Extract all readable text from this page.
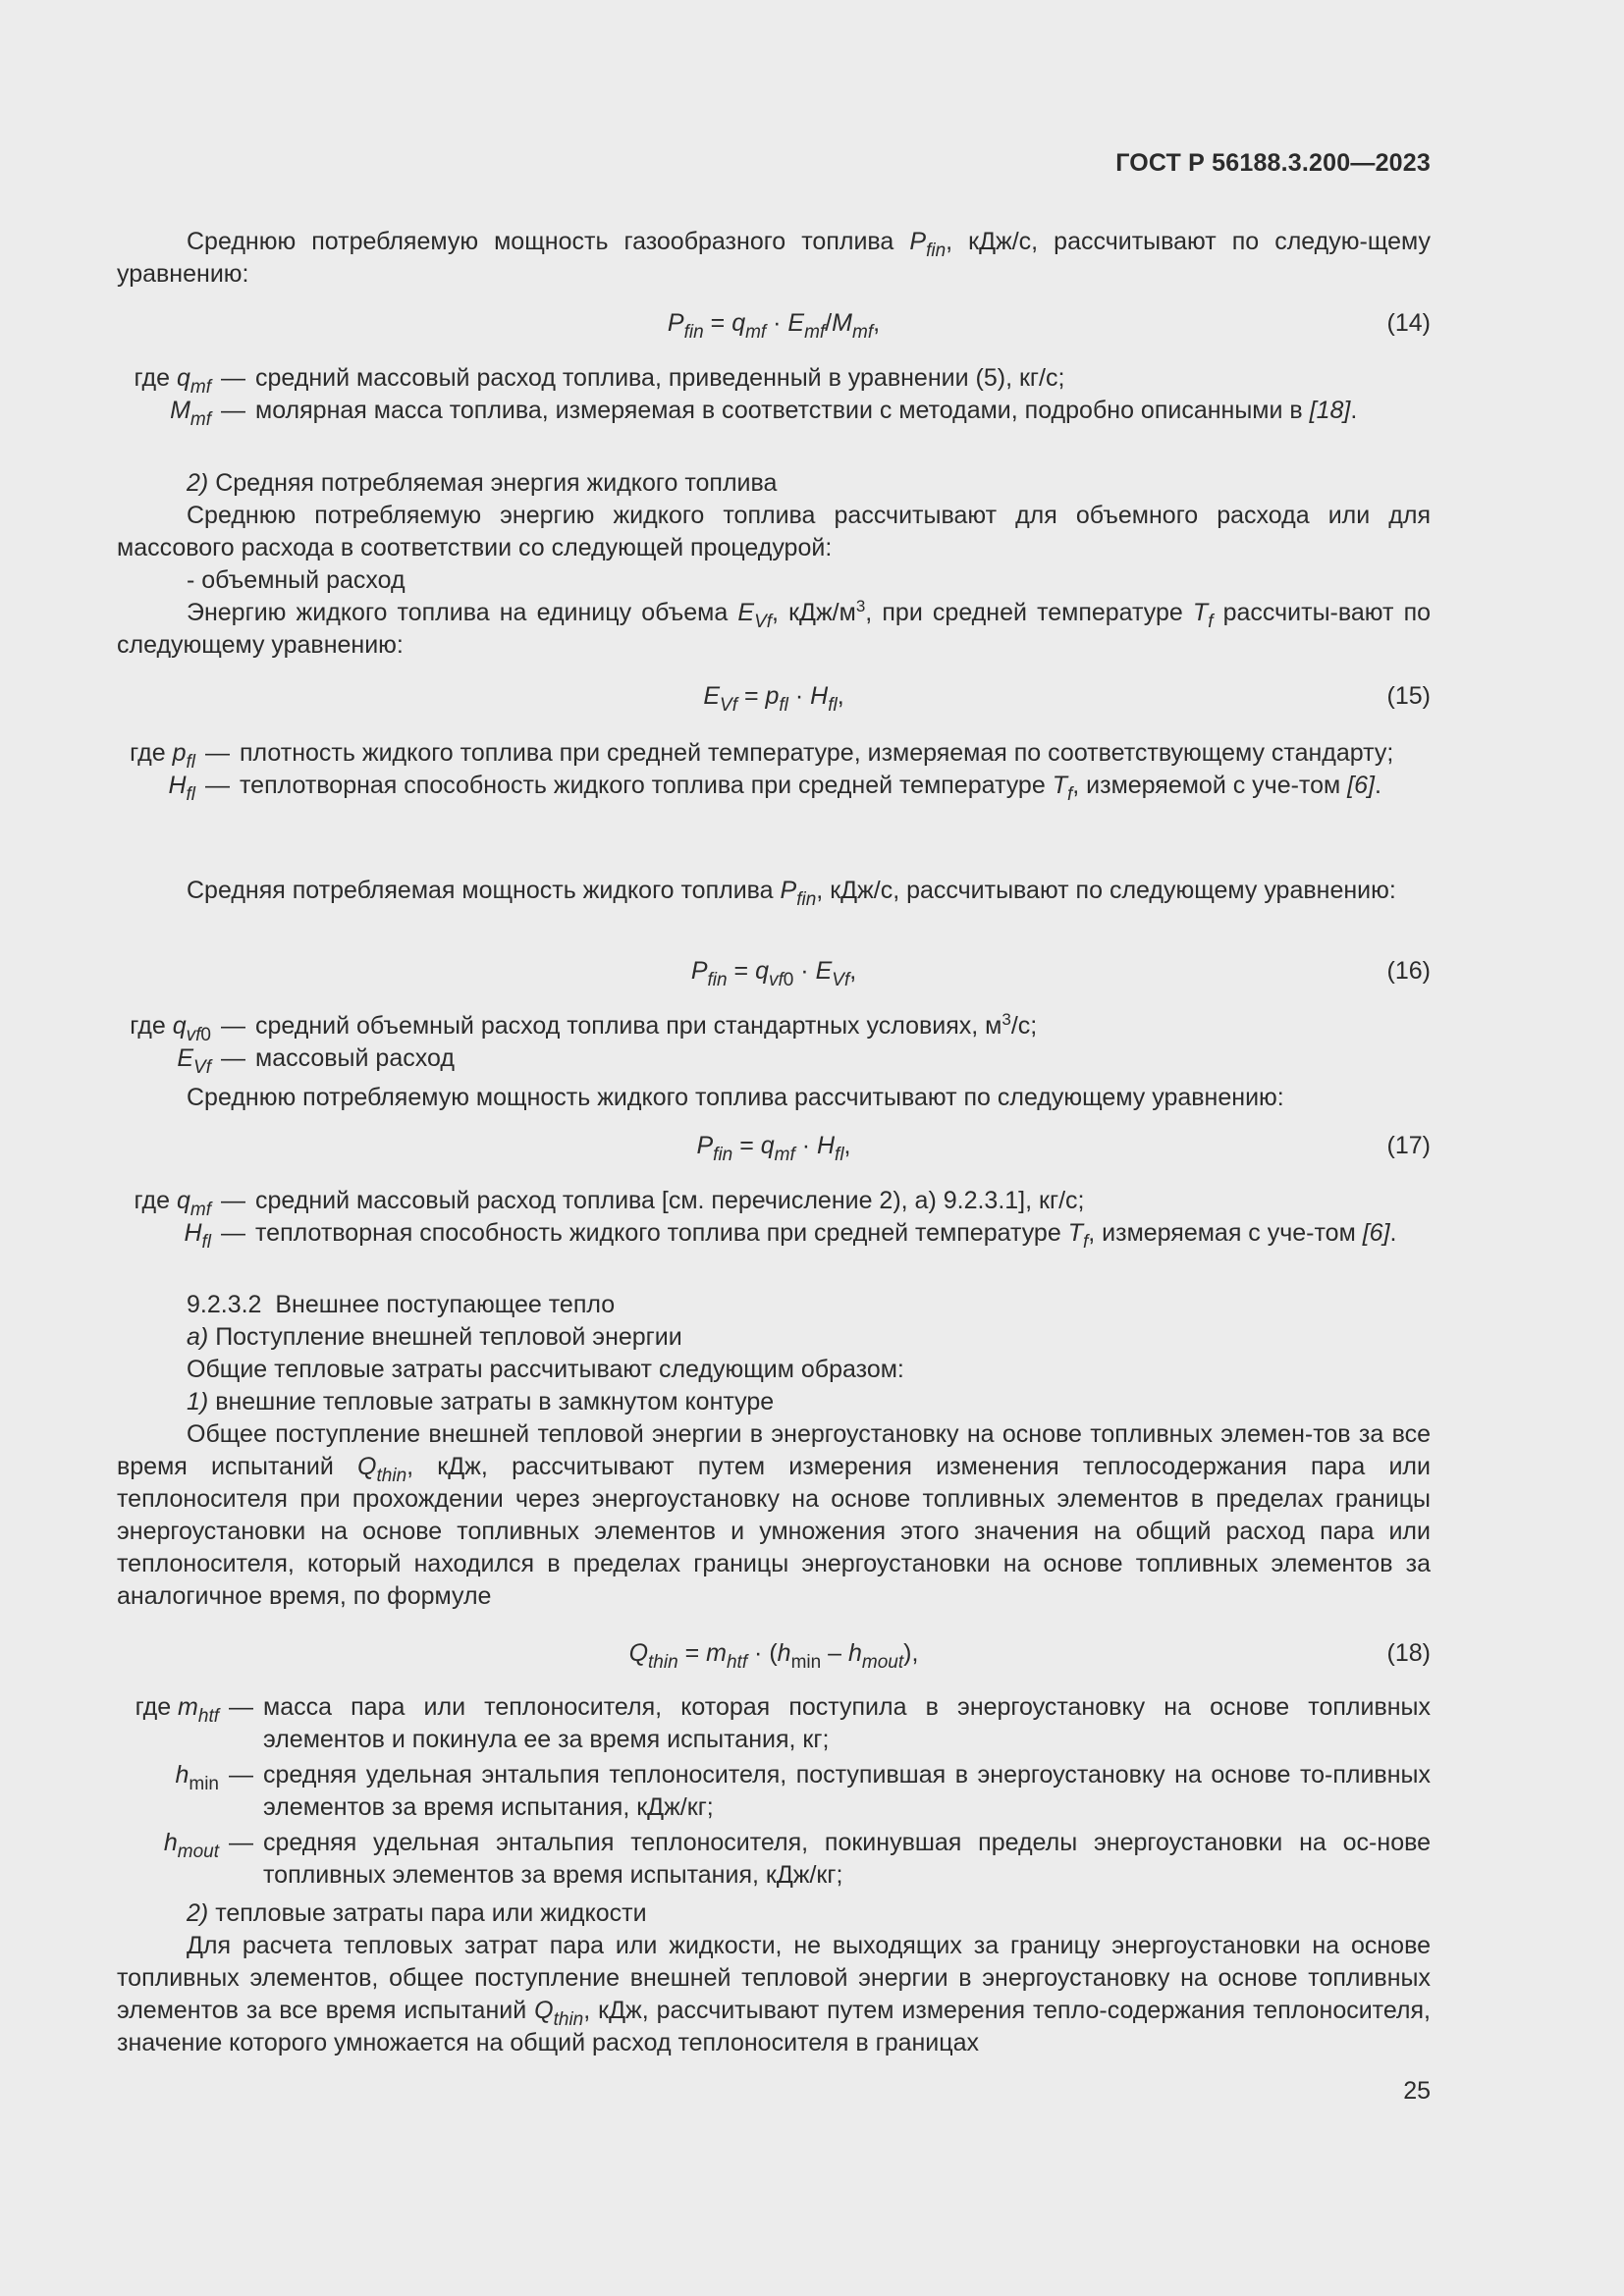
ГОСТ Р 56188.3.200—2023

Среднюю потребляемую мощность газообразного топлива $P_{fin}$, кДж/с, рассчитывают по следую-щему уравнению:

$P_{fin} = q_{mf} \cdot E_{mf}/M_{mf}$,	(14)
где $q_{mf}$ — средний массовый расход топлива, приведенный в уравнении (5), кг/с;
$M_{mf}$ — молярная масса топлива, измеряемая в соответствии с методами, подробно описанными в [18].

2) Средняя потребляемая энергия жидкого топлива

Среднюю потребляемую энергию жидкого топлива рассчитывают для объемного расхода или для массового расхода в соответствии со следующей процедурой:

- объемный расход

Энергию жидкого топлива на единицу объема $E_{Vf}$, кДж/$м^3$, при средней температуре $T_f$ рассчиты-вают по следующему уравнению:

$E_{Vf} = p_{fl} \cdot H_{fl}$,	(15)
где $p_{fl}$ — плотность жидкого топлива при средней температуре, измеряемая по соответствующему стандарту;
$H_{fl}$ — теплотворная способность жидкого топлива при средней температуре $T_f$, измеряемой с уче-том [6].

Средняя потребляемая мощность жидкого топлива $P_{fin}$, кДж/с, рассчитывают по следующему уравнению:

$P_{fin} = q_{vf0} \cdot E_{Vf}$,	(16)
где $q_{vf0}$ — средний объемный расход топлива при стандартных условиях, $м^3/с$;
$E_{Vf}$ — массовый расход

Среднюю потребляемую мощность жидкого топлива рассчитывают по следующему уравнению:

$P_{fin} = q_{mf} \cdot H_{fl}$,	(17)
где $q_{mf}$ — средний массовый расход топлива [см. перечисление 2), а) 9.2.3.1], кг/с;
$H_{fl}$ — теплотворная способность жидкого топлива при средней температуре $T_f$, измеряемая с уче-том [6].

9.2.3.2 Внешнее поступающее тепло

а) Поступление внешней тепловой энергии

Общие тепловые затраты рассчитывают следующим образом:

1) внешние тепловые затраты в замкнутом контуре

Общее поступление внешней тепловой энергии в энергоустановку на основе топливных элемен-тов за все время испытаний $Q_{thin}$, кДж, рассчитывают путем измерения изменения теплосодержания пара или теплоносителя при прохождении через энергоустановку на основе топливных элементов в пределах границы энергоустановки на основе топливных элементов и умножения этого значения на общий расход пара или теплоносителя, который находился в пределах границы энергоустановки на основе топливных элементов за аналогичное время, по формуле

$Q_{thin} = m_{htf} \cdot (h_{min} - h_{mout})$,	(18)
где $m_{htf}$ — масса пара или теплоносителя, которая поступила в энергоустановку на основе топливных элементов и покинула ее за время испытания, кг;
$h_{min}$ — средняя удельная энтальпия теплоносителя, поступившая в энергоустановку на основе то-пливных элементов за время испытания, кДж/кг;
$h_{mout}$ — средняя удельная энтальпия теплоносителя, покинувшая пределы энергоустановки на ос-нове топливных элементов за время испытания, кДж/кг;

2) тепловые затраты пара или жидкости

Для расчета тепловых затрат пара или жидкости, не выходящих за границу энергоустановки на основе топливных элементов, общее поступление внешней тепловой энергии в энергоустановку на основе топливных элементов за все время испытаний $Q_{thin}$, кДж, рассчитывают путем измерения тепло-содержания теплоносителя, значение которого умножается на общий расход теплоносителя в границах

25
